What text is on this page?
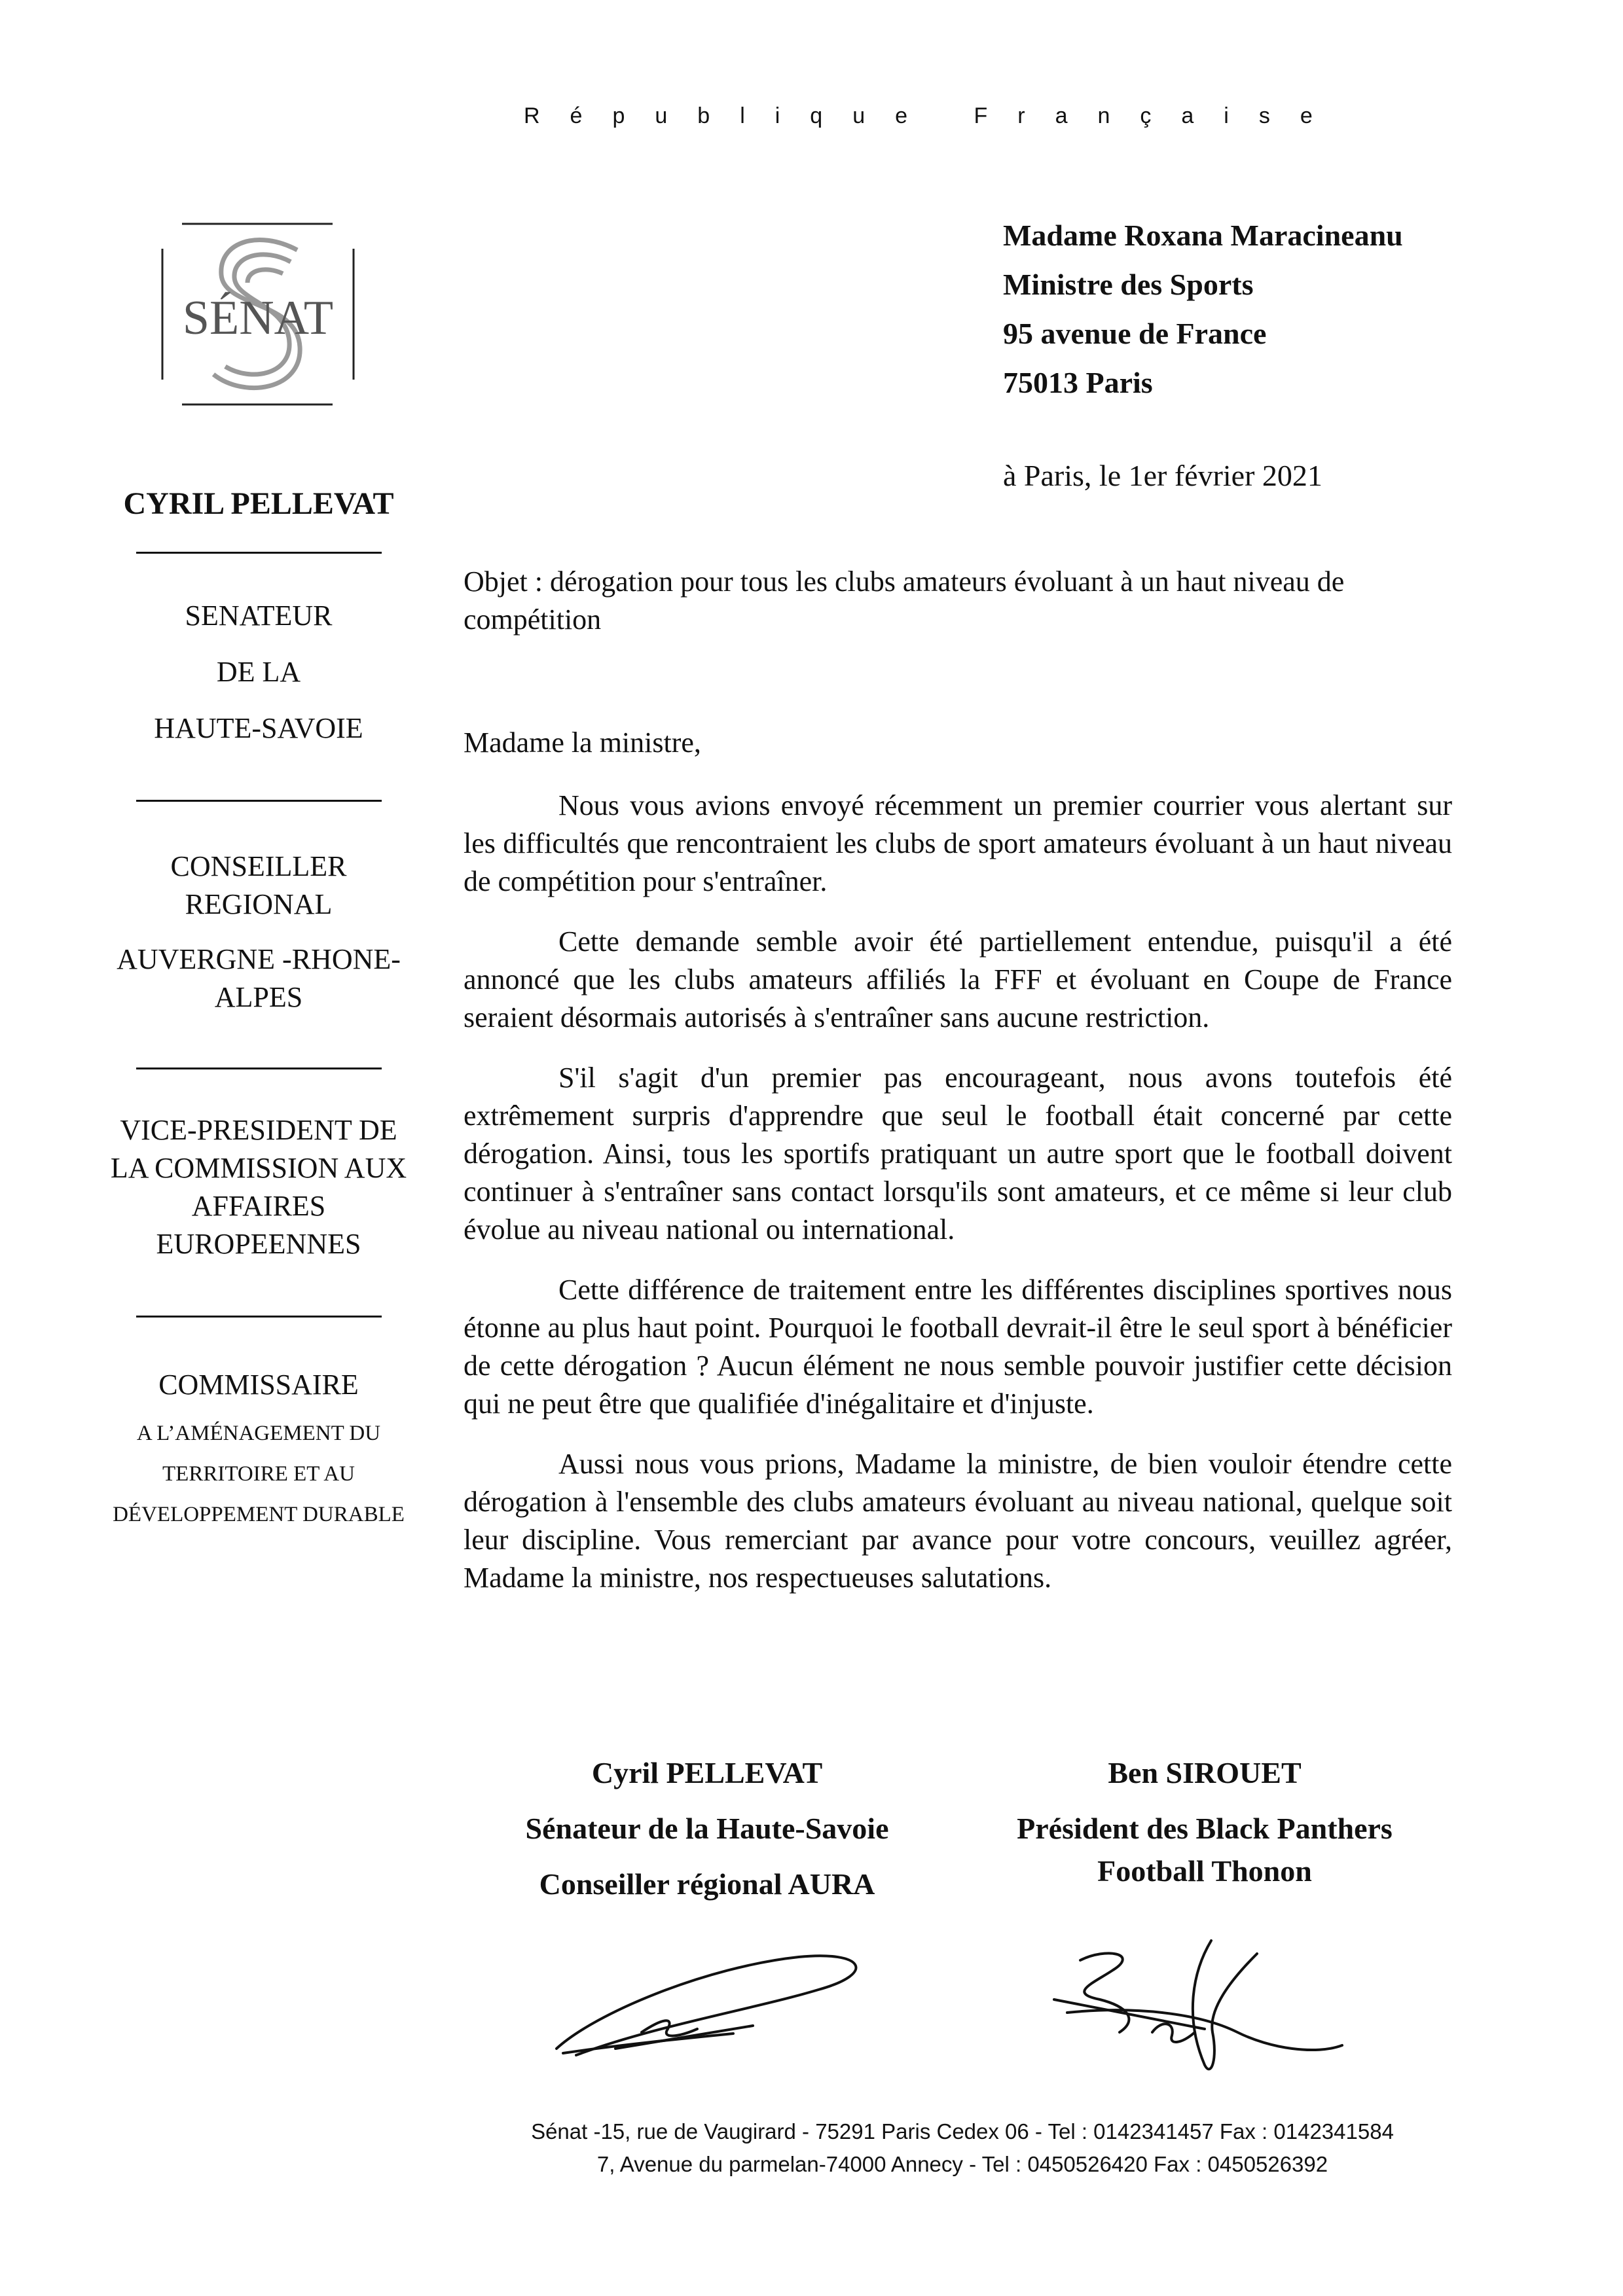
République Française
SÉNAT
Madame Roxana Maracineanu
Ministre des Sports
95 avenue de France
75013 Paris
à Paris, le 1er février 2021
CYRIL PELLEVAT
SENATEUR
DE LA
HAUTE-SAVOIE
CONSEILLER
REGIONAL
AUVERGNE -RHONE-
ALPES
VICE-PRESIDENT DE
LA COMMISSION AUX
AFFAIRES
EUROPEENNES
COMMISSAIRE
A L’AMÉNAGEMENT DU
TERRITOIRE ET AU
DÉVELOPPEMENT DURABLE

Objet : dérogation pour tous les clubs amateurs évoluant à un haut niveau de compétition

Madame la ministre,

Nous vous avions envoyé récemment un premier courrier vous alertant sur les difficultés que rencontraient les clubs de sport amateurs évoluant à un haut niveau de compétition pour s'entraîner.

Cette demande semble avoir été partiellement entendue, puisqu'il a été annoncé que les clubs amateurs affiliés la FFF et évoluant en Coupe de France seraient désormais autorisés à s'entraîner sans aucune restriction.

S'il s'agit d'un premier pas encourageant, nous avons toutefois été extrêmement surpris d'apprendre que seul le football était concerné par cette dérogation. Ainsi, tous les sportifs pratiquant un autre sport que le football doivent continuer à s'entraîner sans contact lorsqu'ils sont amateurs, et ce même si leur club évolue au niveau national ou international.

Cette différence de traitement entre les différentes disciplines sportives nous étonne au plus haut point. Pourquoi le football devrait-il être le seul sport à bénéficier de cette dérogation ? Aucun élément ne nous semble pouvoir justifier cette décision qui ne peut être que qualifiée d'inégalitaire et d'injuste.

Aussi nous vous prions, Madame la ministre, de bien vouloir étendre cette dérogation à l'ensemble des clubs amateurs évoluant au niveau national, quelque soit leur discipline. Vous remerciant par avance pour votre concours, veuillez agréer, Madame la ministre, nos respectueuses salutations.

Cyril PELLEVAT
Sénateur de la Haute-Savoie
Conseiller régional AURA
Ben SIROUET
Président des Black Panthers
Football Thonon
Sénat -15, rue de Vaugirard - 75291 Paris Cedex 06 - Tel : 0142341457 Fax : 0142341584
7, Avenue du parmelan-74000 Annecy - Tel : 0450526420 Fax : 0450526392
